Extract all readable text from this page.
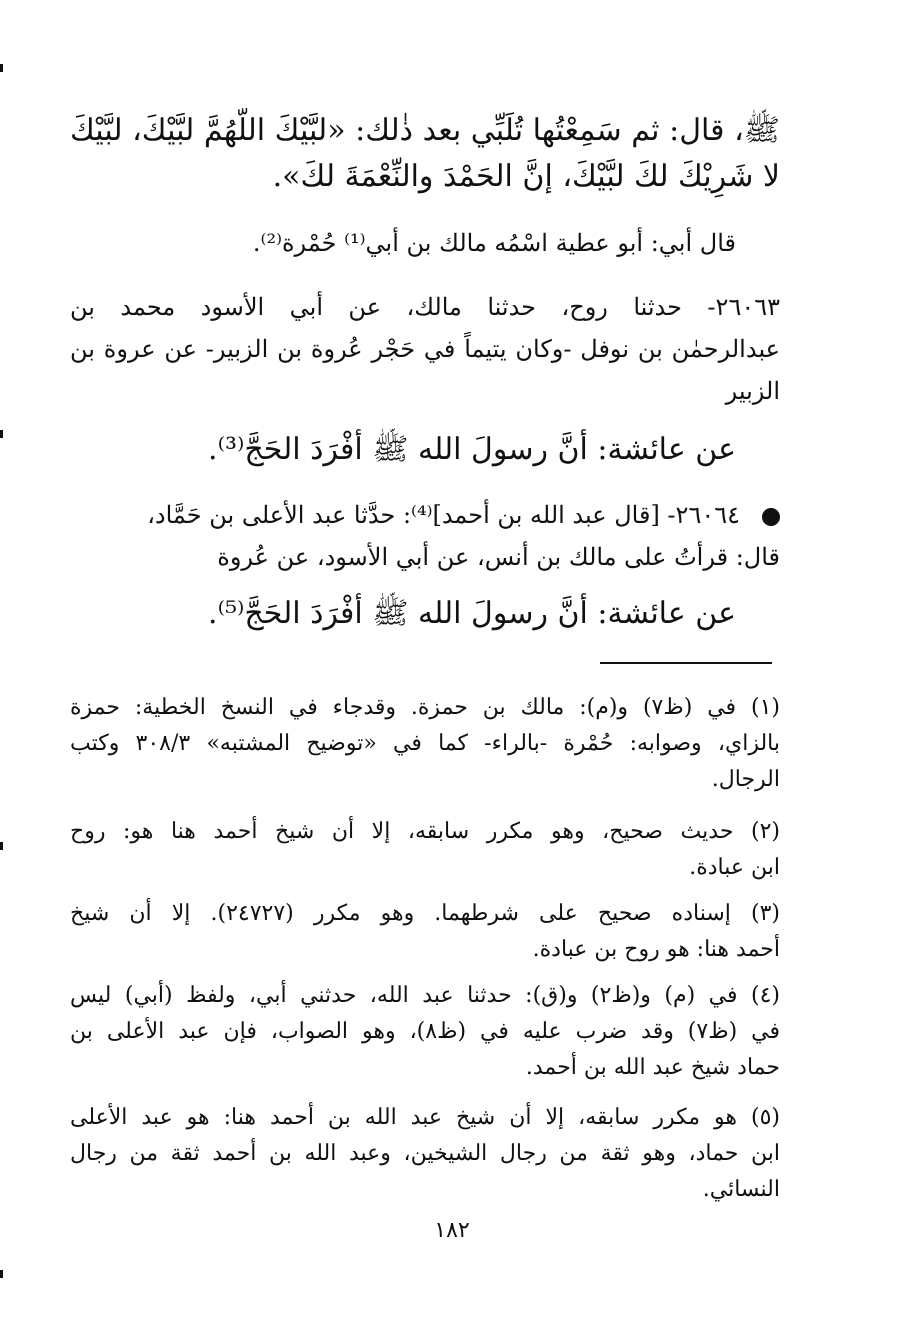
ﷺ، قال: ثم سَمِعْتُها تُلَبِّي بعد ذٰلك: «لبَّيْكَ اللّهُمَّ لبَّيْكَ، لبَّيْكَ
لا شَرِيْكَ لكَ لبَّيْكَ، إنَّ الحَمْدَ والنِّعْمَةَ لكَ».
قال أبي: أبو عطية اسْمُه مالك بن أبي⁽¹⁾ حُمْرة⁽²⁾.
٢٦٠٦٣- حدثنا روح، حدثنا مالك، عن أبي الأسود محمد بن
عبدالرحمٰن بن نوفل -وكان يتيماً في حَجْر عُروة بن الزبير- عن عروة بن
الزبير
عن عائشة: أنَّ رسولَ الله ﷺ أَفْرَدَ الحَجَّ⁽³⁾.
٢٦٠٦٤- [قال عبد الله بن أحمد]⁽⁴⁾: حدَّثا عبد الأعلى بن حَمَّاد،
قال: قرأتُ على مالك بن أنس، عن أبي الأسود، عن عُروة
عن عائشة: أنَّ رسولَ الله ﷺ أَفْرَدَ الحَجَّ⁽⁵⁾.
(١) في (ظ٧) و(م): مالك بن حمزة. وقدجاء في النسخ الخطية: حمزة
بالزاي، وصوابه: حُمْرة -بالراء- كما في «توضيح المشتبه» ٣٠٨/٣ وكتب
الرجال.
(٢) حديث صحيح، وهو مكرر سابقه، إلا أن شيخ أحمد هنا هو: روح
ابن عبادة.
(٣) إسناده صحيح على شرطهما. وهو مكرر (٢٤٧٢٧). إلا أن شيخ
أحمد هنا: هو روح بن عبادة.
(٤) في (م) و(ظ٢) و(ق): حدثنا عبد الله، حدثني أبي، ولفظ (أبي) ليس
في (ظ٧) وقد ضرب عليه في (ظ٨)، وهو الصواب، فإن عبد الأعلى بن
حماد شيخ عبد الله بن أحمد.
(٥) هو مكرر سابقه، إلا أن شيخ عبد الله بن أحمد هنا: هو عبد الأعلى
ابن حماد، وهو ثقة من رجال الشيخين، وعبد الله بن أحمد ثقة من رجال
النسائي.
١٨٢
